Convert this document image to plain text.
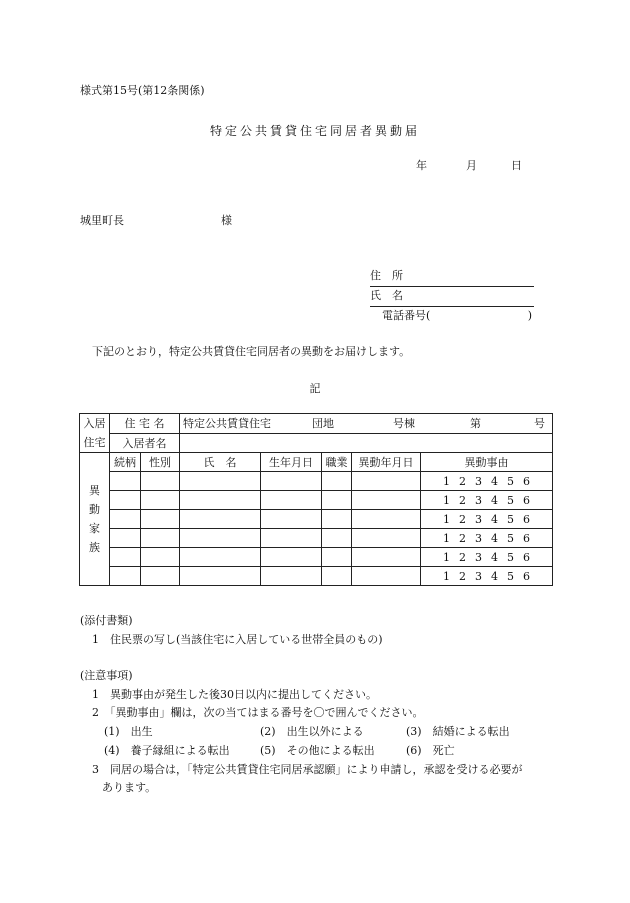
様式第15号(第12条関係)
特定公共賃貸住宅同居者異動届
年	月	日
城里町長	様
住所
氏名
電話番号(	)
下記のとおり，特定公共賃貸住宅同居者の異動をお届けします。
記
入居
住宅	住 宅 名		特定公共賃貸住宅 団地 号棟 第 号				
	入居者名						
異
動
家
族	続柄	性別	氏　名	生年月日	職業	異動年月日	異動事由
							1 2 3 4 5 6
							1 2 3 4 5 6
							1 2 3 4 5 6
							1 2 3 4 5 6
							1 2 3 4 5 6
							1 2 3 4 5 6
(添付書類)
1　住民票の写し(当該住宅に入居している世帯全員のもの)
(注意事項)
1　異動事由が発生した後30日以内に提出してください。
2　「異動事由」欄は，次の当てはまる番号を〇で囲んでください。
(1)　出生	(2)　出生以外による	(3)　結婚による転出
(4)　養子縁組による転出	(5)　その他による転出	(6)　死亡
3　同居の場合は，「特定公共賃貸住宅同居承認願」により申請し，承認を受ける必要が
あります。
